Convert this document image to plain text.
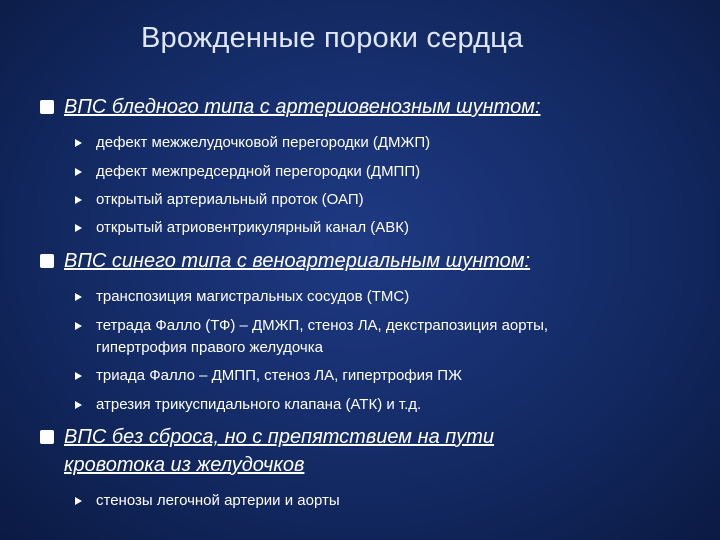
Врожденные пороки сердца
ВПС бледного типа с артериовенозным шунтом:
дефект межжелудочковой перегородки (ДМЖП)
дефект межпредсердной перегородки (ДМПП)
открытый артериальный проток (ОАП)
открытый атриовентрикулярный канал (АВК)
ВПС синего типа с веноартериальным шунтом:
транспозиция магистральных сосудов (ТМС)
тетрада Фалло (ТФ) – ДМЖП, стеноз ЛА, декстрапозиция аорты,
гипертрофия правого желудочка
триада Фалло – ДМПП, стеноз ЛА, гипертрофия ПЖ
атрезия трикуспидального клапана (АТК) и т.д.
ВПС без сброса, но с препятствием на пути
кровотока из желудочков
стенозы легочной артерии и аорты
